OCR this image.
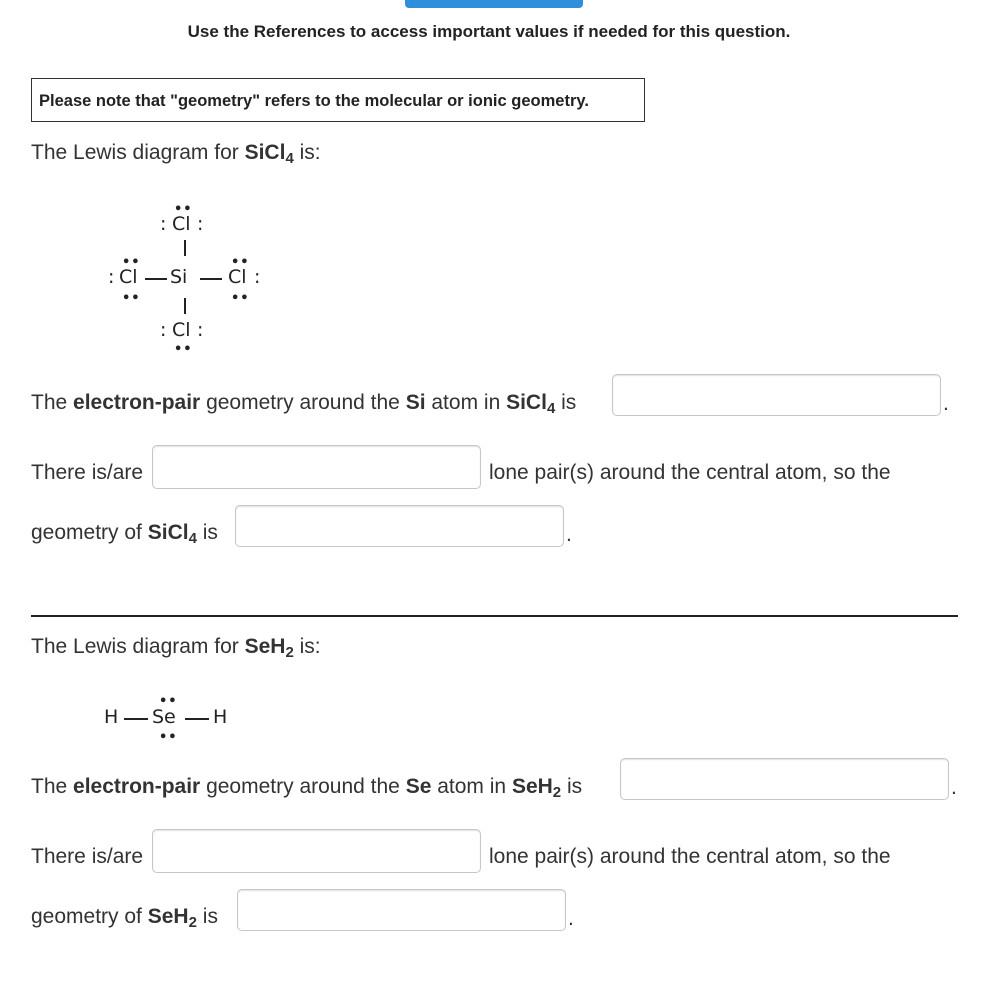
Use the References to access important values if needed for this question.
Please note that "geometry" refers to the molecular or ionic geometry.
The Lewis diagram for SiCl$_4$ is:
••
: Cl :
:
••
Cl
••
Si
••
Cl
••
:
: Cl :
••
The electron-pair geometry around the Si atom in SiCl$_4$ is	.
There is/are	lone pair(s) around the central atom, so the
geometry of SiCl$_4$ is	.
The Lewis diagram for SeH$_2$ is:
H
••
Se
••
H
The electron-pair geometry around the Se atom in SeH$_2$ is	.
There is/are	lone pair(s) around the central atom, so the
geometry of SeH$_2$ is	.
